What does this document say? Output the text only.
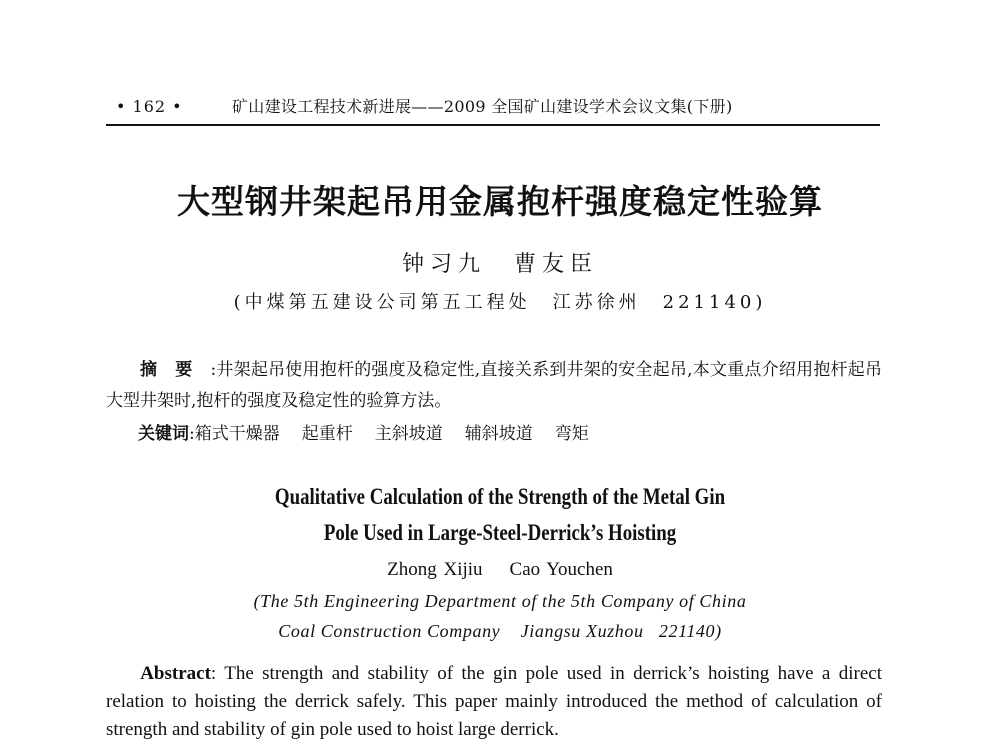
• 162 •	矿山建设工程技术新进展——2009 全国矿山建设学术会议文集(下册)
大型钢井架起吊用金属抱杆强度稳定性验算
钟习九　曹友臣
(中煤第五建设公司第五工程处　江苏徐州　221140)
摘要:井架起吊使用抱杆的强度及稳定性,直接关系到井架的安全起吊,本文重点介绍用抱杆起吊大型井架时,抱杆的强度及稳定性的验算方法。
关键词:箱式干燥器 起重杆 主斜坡道 辅斜坡道 弯矩
Qualitative Calculation of the Strength of the Metal Gin
Pole Used in Large-Steel-Derrick’s Hoisting
Zhong Xijiu    Cao Youchen
(The 5th Engineering Department of the 5th Company of China
Coal Construction Company    Jiangsu Xuzhou   221140)
Abstract: The strength and stability of the gin pole used in derrick’s hoisting have a direct relation to hoisting the derrick safely. This paper mainly introduced the method of calculation of strength and stability of gin pole used to hoist large derrick.
